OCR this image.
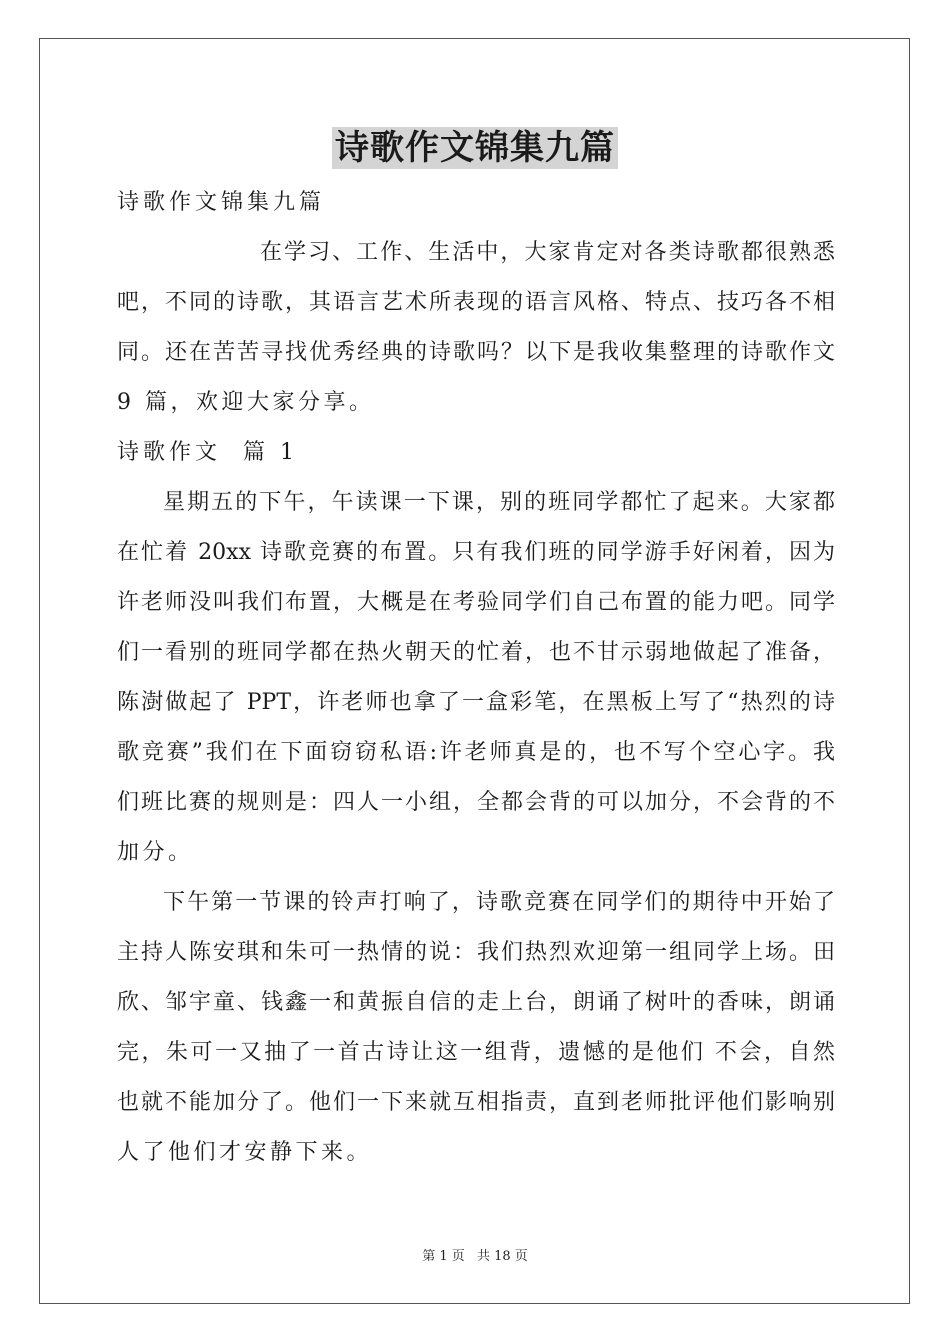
诗歌作文锦集九篇
诗歌作文锦集九篇
在学习、工作、生活中，大家肯定对各类诗歌都很熟悉
吧，不同的诗歌，其语言艺术所表现的语言风格、特点、技巧各不相
同。还在苦苦寻找优秀经典的诗歌吗？以下是我收集整理的诗歌作文
9 篇，欢迎大家分享。
诗歌作文  篇 1
星期五的下午，午读课一下课，别的班同学都忙了起来。大家都
在忙着 20xx 诗歌竞赛的布置。只有我们班的同学游手好闲着，因为
许老师没叫我们布置，大概是在考验同学们自己布置的能力吧。同学
们一看别的班同学都在热火朝天的忙着，也不甘示弱地做起了准备，
陈澍做起了 PPT，许老师也拿了一盒彩笔，在黑板上写了“热烈的诗
歌竞赛”我们在下面窃窃私语:许老师真是的，也不写个空心字。我
们班比赛的规则是：四人一小组，全都会背的可以加分，不会背的不
加分。
下午第一节课的铃声打响了，诗歌竞赛在同学们的期待中开始了
主持人陈安琪和朱可一热情的说：我们热烈欢迎第一组同学上场。田
欣、邹宇童、钱鑫一和黄振自信的走上台，朗诵了树叶的香味，朗诵
完，朱可一又抽了一首古诗让这一组背，遗憾的是他们 不会，自然
也就不能加分了。他们一下来就互相指责，直到老师批评他们影响别
人了他们才安静下来。
第 1 页 共 18 页
